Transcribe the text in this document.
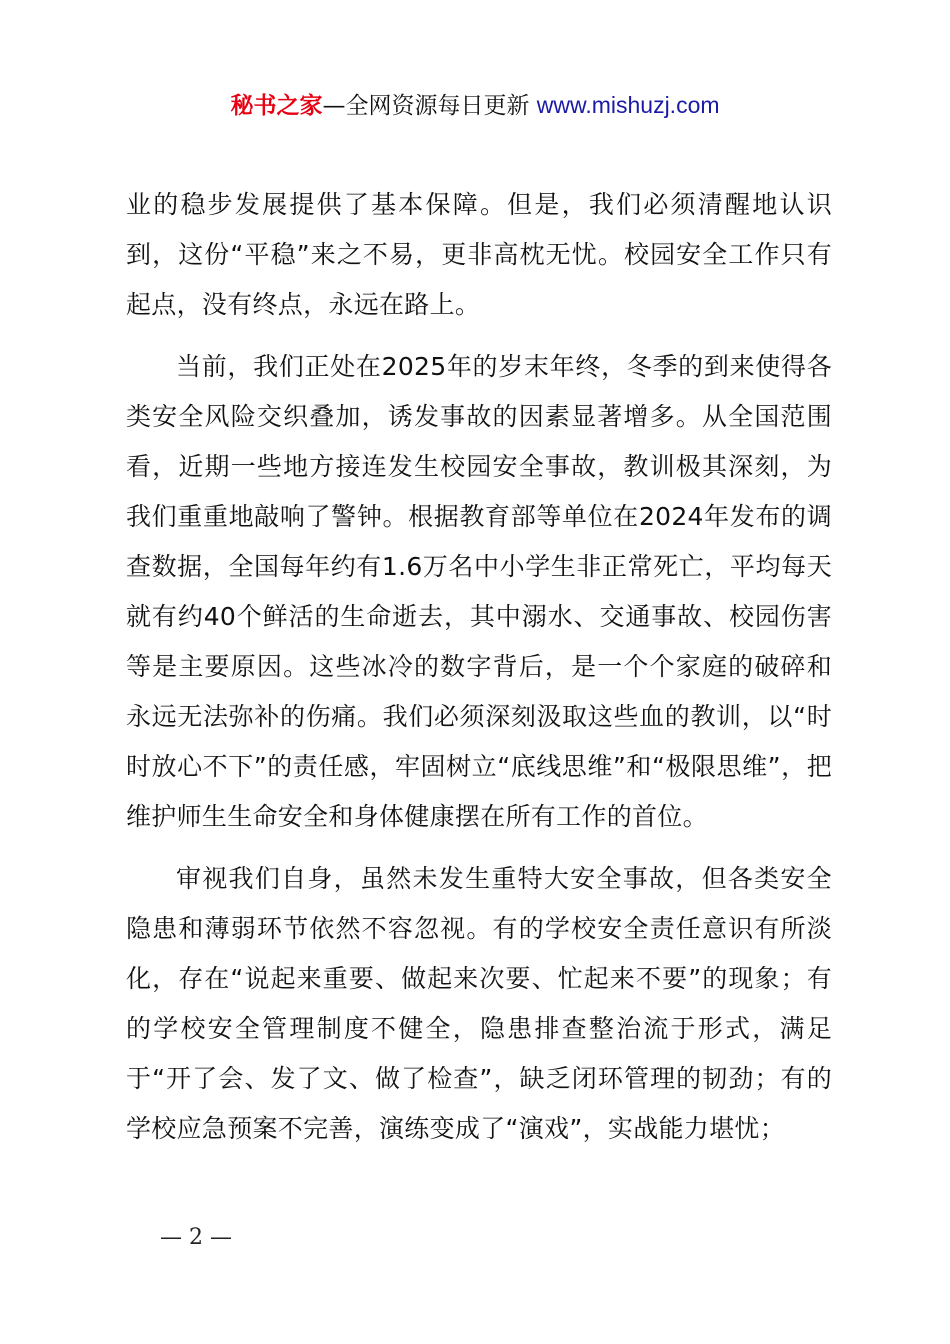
秘书之家—全网资源每日更新 www.mishuzj.com

业的稳步发展提供了基本保障。但是，我们必须清醒地认识到，这份“平稳”来之不易，更非高枕无忧。校园安全工作只有起点，没有终点，永远在路上。

当前，我们正处在2025年的岁末年终，冬季的到来使得各类安全风险交织叠加，诱发事故的因素显著增多。从全国范围看，近期一些地方接连发生校园安全事故，教训极其深刻，为我们重重地敲响了警钟。根据教育部等单位在2024年发布的调查数据，全国每年约有1.6万名中小学生非正常死亡，平均每天就有约40个鲜活的生命逝去，其中溺水、交通事故、校园伤害等是主要原因。这些冰冷的数字背后，是一个个家庭的破碎和永远无法弥补的伤痛。我们必须深刻汲取这些血的教训，以“时时放心不下”的责任感，牢固树立“底线思维”和“极限思维”，把维护师生生命安全和身体健康摆在所有工作的首位。

审视我们自身，虽然未发生重特大安全事故，但各类安全隐患和薄弱环节依然不容忽视。有的学校安全责任意识有所淡化，存在“说起来重要、做起来次要、忙起来不要”的现象；有的学校安全管理制度不健全，隐患排查整治流于形式，满足于“开了会、发了文、做了检查”，缺乏闭环管理的韧劲；有的学校应急预案不完善，演练变成了“演戏”，实战能力堪忧；

— 2 —
